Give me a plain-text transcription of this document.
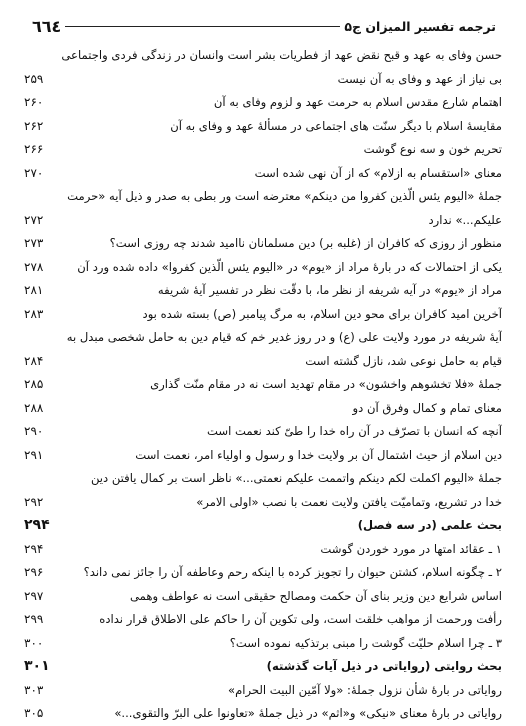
ترجمه تفسیر المیزان ج۵
٦٦٤
حسن وفای به عهد و قبح نقض عهد از فطریات بشر است وانسان در زندگی فردی واجتماعی
بی نیاز از عهد و وفای به آن نیست
۲۵۹
اهتمام شارع مقدس اسلام به حرمت عهد و لزوم وفای به آن
۲۶۰
مقایسهٔ اسلام با دیگر سنّت های اجتماعی در مسألهٔ عهد و وفای به آن
۲۶۲
تحریم خون و سه نوع گوشت
۲۶۶
معنای «استقسام به ازلام» که از آن نهی شده است
۲۷۰
جملهٔ «الیوم یئس الّذین کفروا من دینکم» معترضه است ور بطی به صدر و ذیل آیه «حرمت
علیکم...» ندارد
۲۷۲
منظور از روزی که کافران از (غلبه بر) دین مسلمانان ناامید شدند چه روزی است؟
۲۷۳
یکی از احتمالات که در بارهٔ مراد از «یوم» در «الیوم یئس الّذین کفروا» داده شده ورد آن
۲۷۸
مراد از «یوم» در آیه شریفه از نظر ما، با دقّت نظر در تفسیر آیهٔ شریفه
۲۸۱
آخرین امید کافران برای محو دین اسلام، به مرگ پیامبر (ص) بسته شده بود
۲۸۳
آیهٔ شریفه در مورد ولایت علی (ع) و در روز غدیر خم که قیام دین به حامل شخصی مبدل به
قیام به حامل نوعی شد، نازل گشته است
۲۸۴
جملهٔ «فلا تخشوهم واخشون» در مقام تهدید است نه در مقام منّت گذاری
۲۸۵
معنای تمام و کمال وفرق آن دو
۲۸۸
آنچه که انسان با تصرّف در آن راه خدا را طیّ کند نعمت است
۲۹۰
دین اسلام از حیث اشتمال آن بر ولایت خدا و رسول و اولیاء امر، نعمت است
۲۹۱
جملهٔ «الیوم اکملت لکم دینکم واتممت علیکم نعمتی...» ناظر است بر کمال یافتن دین
خدا در تشریع، وتمامیّت یافتن ولایت نعمت با نصب «اولی الامر»
۲۹۲
بحث علمی (در سه فصل)
۲۹۴
۱ ـ عقائد امتها در مورد خوردن گوشت
۲۹۴
۲ ـ چگونه اسلام، کشتن حیوان را تجویز کرده با اینکه رحم وعاطفه آن را جائز نمی داند؟
۲۹۶
اساس شرایع دین وزیر بنای آن حکمت ومصالح حقیقی است نه عواطف وهمی
۲۹۷
رأفت ورحمت از مواهب خلقت است، ولی تکوین آن را حاکم علی الاطلاق قرار نداده
۲۹۹
۳ ـ چرا اسلام حلیّت گوشت را مبنی برتذکیه نموده است؟
۳۰۰
بحث روایتی (روایاتی در ذیل آیات گذشته)
۳۰۱
روایاتی در بارهٔ شأن نزول جملهٔ: «ولا آمّین البیت الحرام»
۳۰۳
روایاتی در بارهٔ معنای «نیکی» و«اثم» در ذیل جملهٔ «تعاونوا علی البرّ والتقوی...»
۳۰۵
